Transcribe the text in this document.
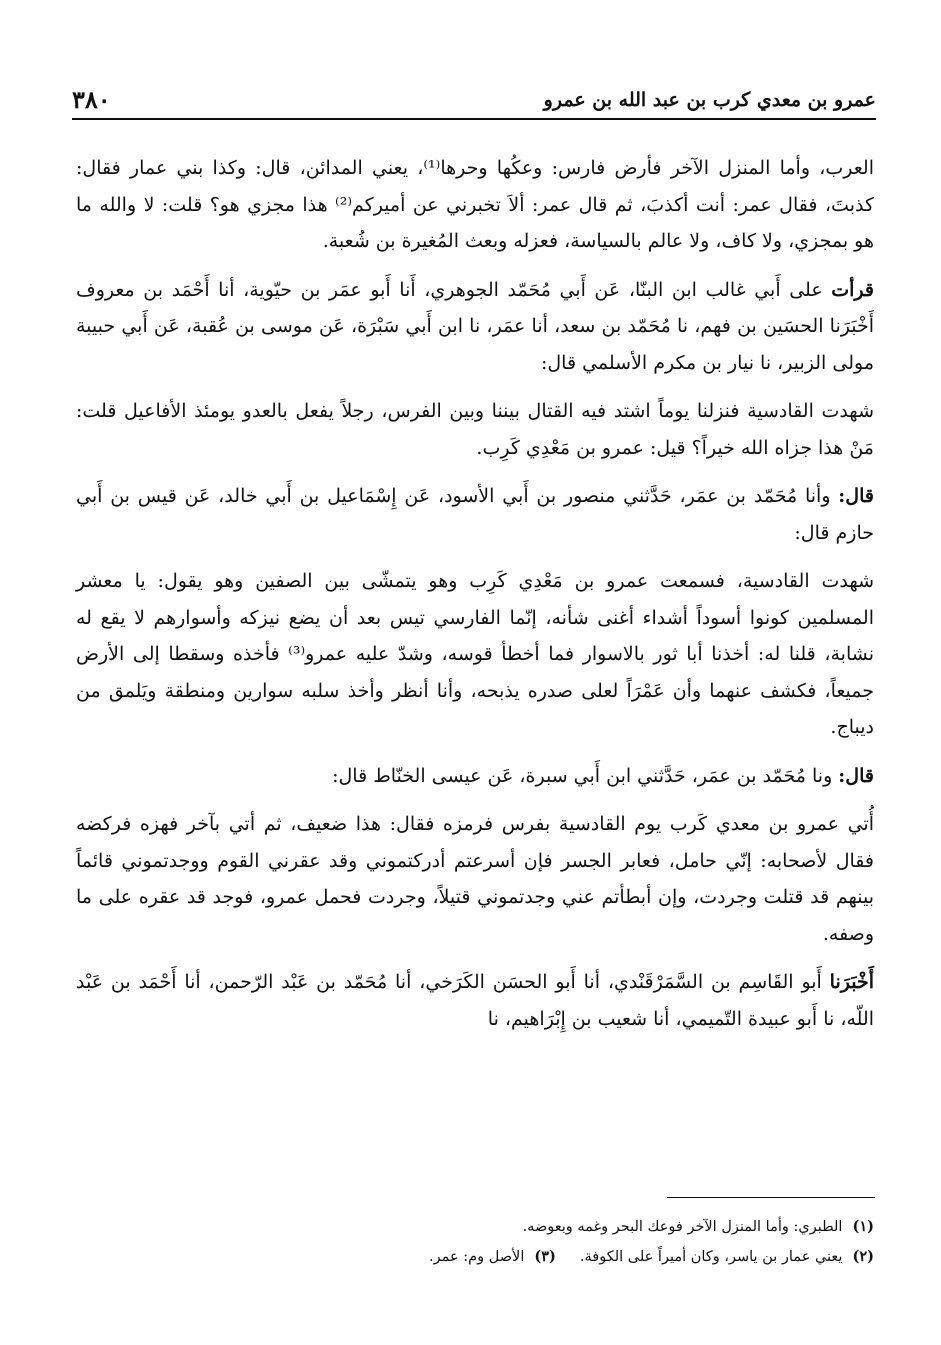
عمرو بن معدي كرب بن عبد الله بن عمرو
٣٨٠

العرب، وأما المنزل الآخر فأرض فارس: وعكُها وحرها⁽¹⁾، يعني المدائن، قال: وكذا بني عمار فقال: كذبتَ، فقال عمر: أنت أكذبَ، ثم قال عمر: ألاَ تخبرني عن أميركم⁽²⁾ هذا مجزي هو؟ قلت: لا والله ما هو بمجزي، ولا كاف، ولا عالم بالسياسة، فعزله وبعث المُغيرة بن شُعبة.

قرأت على أَبي غالب ابن البنّا، عَن أَبي مُحَمّد الجوهري، أَنا أَبو عمَر بن حيّوية، أنا أَحْمَد بن معروف أَخْبَرَنا الحسَين بن فهم، نا مُحَمّد بن سعد، أنا عمَر، نا ابن أَبي سَبْرَة، عَن موسى بن عُقبة، عَن أَبي حبيبة مولى الزبير، نا نيار بن مكرم الأسلمي قال:

شهدت القادسية فنزلنا يوماً اشتد فيه القتال بيننا وبين الفرس، رجلاً يفعل بالعدو يومئذ الأفاعيل قلت: مَنْ هذا جزاه الله خيراً؟ قيل: عمرو بن مَعْدِي كَرِب.

قال: وأنا مُحَمّد بن عمَر، حَدَّثني منصور بن أَبي الأسود، عَن إِسْمَاعيل بن أَبي خالد، عَن قيس بن أَبي حازم قال:

شهدت القادسية، فسمعت عمرو بن مَعْدِي كَرِب وهو يتمشّى بين الصفين وهو يقول: يا معشر المسلمين كونوا أسوداً أشداء أغنى شأنه، إنّما الفارسي تيس بعد أن يضع نيزكه وأسوارهم لا يقع له نشابة، قلنا له: أخذنا أبا ثور بالاسوار فما أخطأ قوسه، وشدّ عليه عمرو⁽³⁾ فأخذه وسقطا إلى الأرض جميعاً، فكشف عنهما وأن عَمْرَاً لعلى صدره يذبحه، وأنا أنظر وأخذ سلبه سوارين ومنطقة ويَلمق من ديباج.

قال: ونا مُحَمّد بن عمَر، حَدَّثني ابن أَبي سبرة، عَن عيسى الخنّاط قال:

أُتي عمرو بن معدي كَرب يوم القادسية بفرس فرمزه فقال: هذا ضعيف، ثم أتي بآخر فهزه فركضه فقال لأصحابه: إنّي حامل، فعابر الجسر فإن أسرعتم أدركتموني وقد عقرني القوم ووجدتموني قائماً بينهم قد قتلت وجردت، وإن أبطأتم عني وجدتموني قتيلاً، وجردت فحمل عمرو، فوجد قد عقره على ما وصفه.

أَخْبَرَنا أَبو القَاسِم بن السَّمَرْقَنْدي، أنا أَبو الحسَن الكَرَخي، أنا مُحَمّد بن عَبْد الرّحمن، أنا أَحْمَد بن عَبْد اللّه، نا أَبو عبيدة التّميمي، أنا شعيب بن إِبْرَاهيم، نا

(١)
الطبري: وأما المنزل الآخر فوعك البحر وغمه وبعوضه.
(٢)
يعني عمار بن ياسر، وكان أميراً على الكوفة.
(٣)
الأصل وم: عمر.
